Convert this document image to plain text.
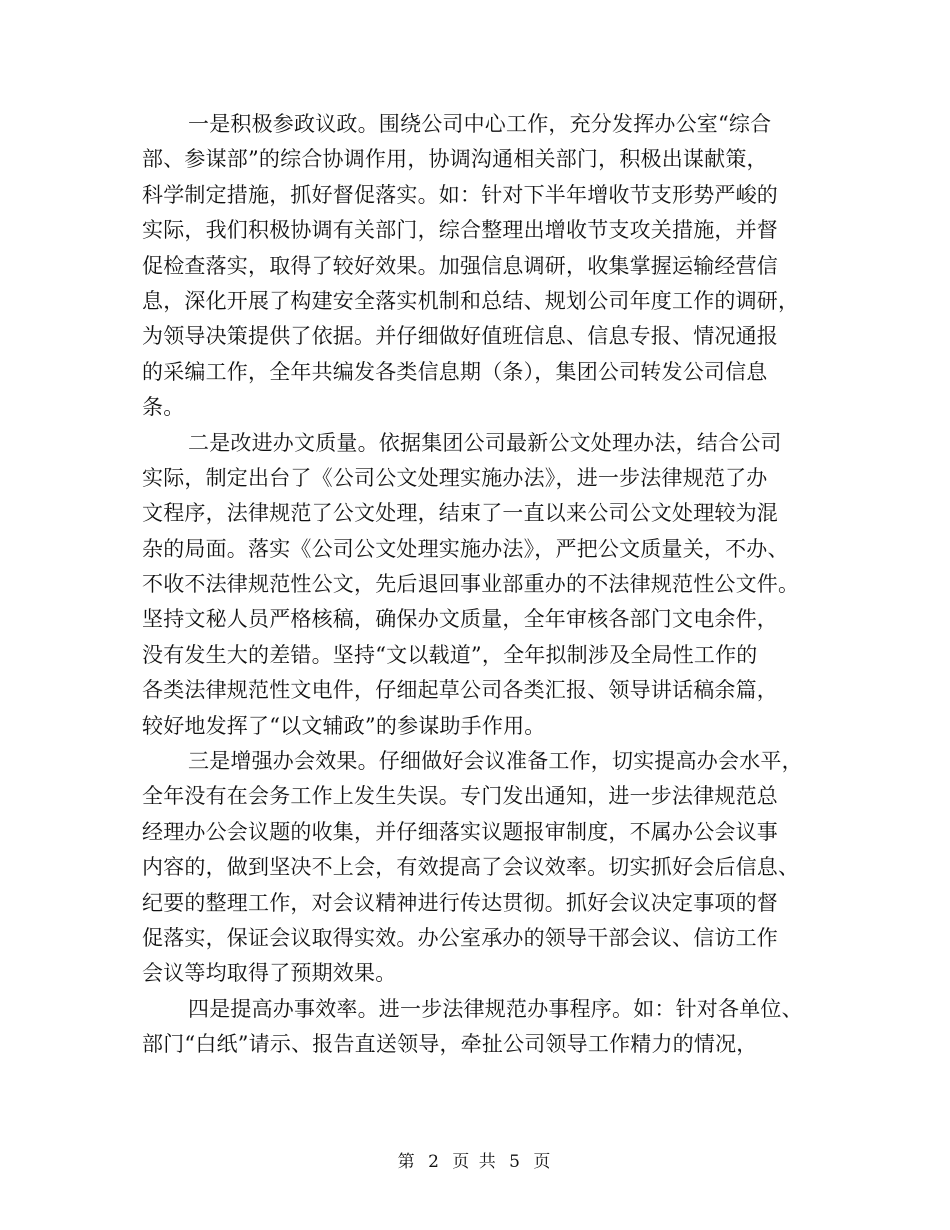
一是积极参政议政。围绕公司中心工作，充分发挥办公室“综合
部、参谋部”的综合协调作用，协调沟通相关部门，积极出谋献策，
科学制定措施，抓好督促落实。如：针对下半年增收节支形势严峻的
实际，我们积极协调有关部门，综合整理出增收节支攻关措施，并督
促检查落实，取得了较好效果。加强信息调研，收集掌握运输经营信
息，深化开展了构建安全落实机制和总结、规划公司年度工作的调研，
为领导决策提供了依据。并仔细做好值班信息、信息专报、情况通报
的采编工作，全年共编发各类信息期（条），集团公司转发公司信息
条。
二是改进办文质量。依据集团公司最新公文处理办法，结合公司
实际，制定出台了《公司公文处理实施办法》，进一步法律规范了办
文程序，法律规范了公文处理，结束了一直以来公司公文处理较为混
杂的局面。落实《公司公文处理实施办法》，严把公文质量关，不办、
不收不法律规范性公文，先后退回事业部重办的不法律规范性公文件。
坚持文秘人员严格核稿，确保办文质量，全年审核各部门文电余件，
没有发生大的差错。坚持“文以载道”，全年拟制涉及全局性工作的
各类法律规范性文电件，仔细起草公司各类汇报、领导讲话稿余篇，
较好地发挥了“以文辅政”的参谋助手作用。
三是增强办会效果。仔细做好会议准备工作，切实提高办会水平，
全年没有在会务工作上发生失误。专门发出通知，进一步法律规范总
经理办公会议题的收集，并仔细落实议题报审制度，不属办公会议事
内容的，做到坚决不上会，有效提高了会议效率。切实抓好会后信息、
纪要的整理工作，对会议精神进行传达贯彻。抓好会议决定事项的督
促落实，保证会议取得实效。办公室承办的领导干部会议、信访工作
会议等均取得了预期效果。
四是提高办事效率。进一步法律规范办事程序。如：针对各单位、
部门“白纸”请示、报告直送领导，牵扯公司领导工作精力的情况，
第 2 页 共 5 页
